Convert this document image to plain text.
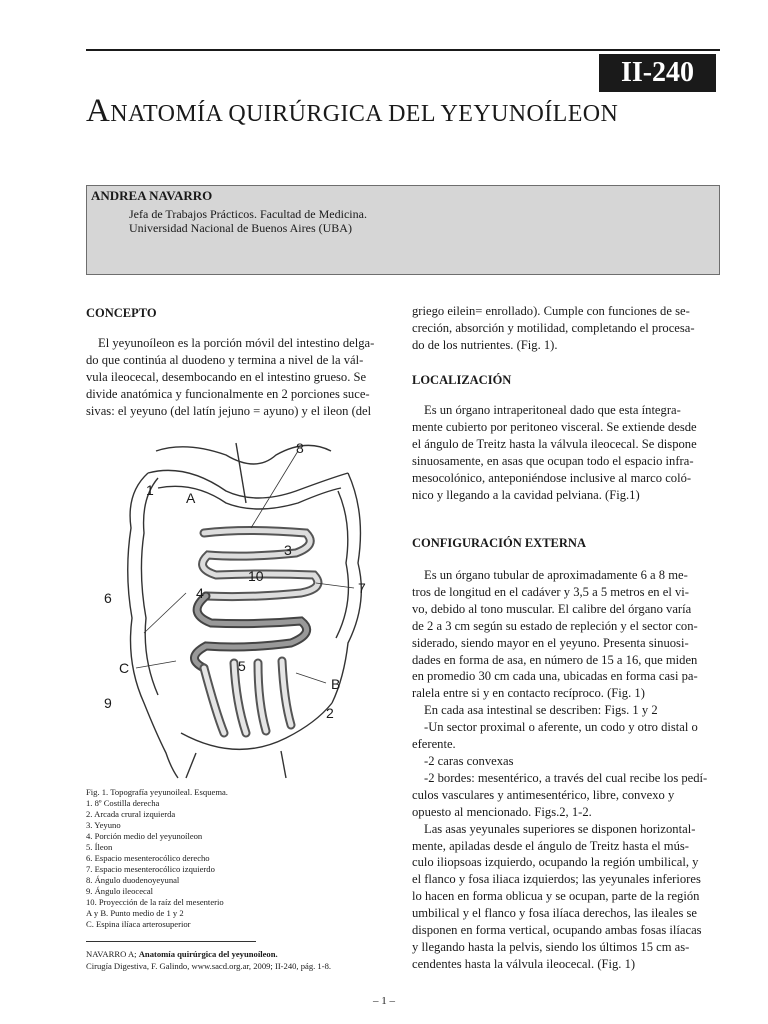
II-240
ANATOMÍA QUIRÚRGICA DEL YEYUNOÍLEON
ANDREA NAVARRO
Jefa de Trabajos Prácticos. Facultad de Medicina.
Universidad Nacional de Buenos Aires (UBA)

CONCEPTO

El yeyunoíleon es la porción móvil del intestino delga-

do que continúa al duodeno y termina a nivel de la vál-

vula ileocecal, desembocando en el intestino grueso. Se

divide anatómica y funcionalmente en 2 porciones suce-

sivas: el yeyuno (del latín jejuno = ayuno) y el ileon (del

1
8
A
3
10
6	4	7
C	5
B
9
2
Fig. 1. Topografía yeyunoileal. Esquema.
1. 8º Costilla derecha
2. Arcada crural izquierda
3. Yeyuno
4. Porción medio del yeyunoíleon
5. Íleon
6. Espacio mesenterocólico derecho
7. Espacio mesenterocólico izquierdo
8. Ángulo duodenoyeyunal
9. Ángulo ileocecal
10. Proyección de la raíz del mesenterio
A y B. Punto medio de 1 y 2
C. Espina ilíaca arterosuperior
NAVARRO A; Anatomía quirúrgica del yeyunoíleon.
Cirugía Digestiva, F. Galindo, www.sacd.org.ar, 2009; II-240, pág. 1-8.

griego eilein= enrollado). Cumple con funciones de se-

creción, absorción y motilidad, completando el procesa-

do de los nutrientes. (Fig. 1).

LOCALIZACIÓN

Es un órgano intraperitoneal dado que esta íntegra-

mente cubierto por peritoneo visceral. Se extiende desde

el ángulo de Treitz hasta la válvula ileocecal. Se dispone

sinuosamente, en asas que ocupan todo el espacio infra-

mesocolónico, anteponiéndose inclusive al marco coló-

nico y llegando a la cavidad pelviana. (Fig.1)

CONFIGURACIÓN EXTERNA

Es un órgano tubular de aproximadamente 6 a 8 me-

tros de longitud en el cadáver y 3,5 a 5 metros en el vi-

vo, debido al tono muscular. El calibre del órgano varía

de 2 a 3 cm según su estado de repleción y el sector con-

siderado, siendo mayor en el yeyuno. Presenta sinuosi-

dades en forma de asa, en número de 15 a 16, que miden

en promedio 30 cm cada una, ubicadas en forma casi pa-

ralela entre si y en contacto recíproco. (Fig. 1)

En cada asa intestinal se describen: Figs. 1 y 2

-Un sector proximal o aferente, un codo y otro distal o

eferente.

-2 caras convexas

-2 bordes: mesentérico, a través del cual recibe los pedí-

culos vasculares y antimesentérico, libre, convexo y

opuesto al mencionado. Figs.2, 1-2.

Las asas yeyunales superiores se disponen horizontal-

mente, apiladas desde el ángulo de Treitz hasta el mús-

culo iliopsoas izquierdo, ocupando la región umbilical, y

el flanco y fosa iliaca izquierdos; las yeyunales inferiores

lo hacen en forma oblicua y se ocupan, parte de la región

umbilical y el flanco y fosa ilíaca derechos, las ileales se

disponen en forma vertical, ocupando ambas fosas ilíacas

y llegando hasta la pelvis, siendo los últimos 15 cm as-

cendentes hasta la válvula ileocecal. (Fig. 1)

– 1 –
